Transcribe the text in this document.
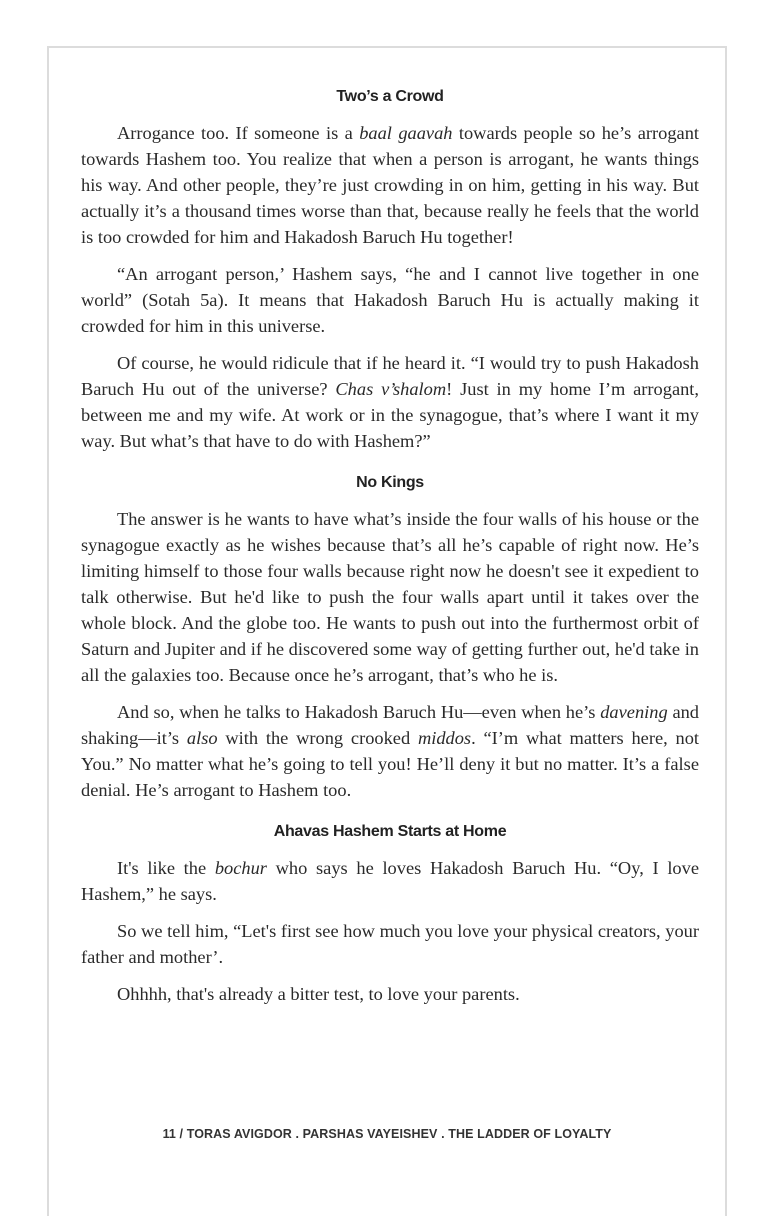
Two’s a Crowd

Arrogance too. If someone is a baal gaavah towards people so he’s arrogant towards Hashem too. You realize that when a person is arrogant, he wants things his way. And other people, they’re just crowding in on him, getting in his way. But actually it’s a thousand times worse than that, because really he feels that the world is too crowded for him and Hakadosh Baruch Hu together!

“An arrogant person,’ Hashem says, “he and I cannot live together in one world” (Sotah 5a). It means that Hakadosh Baruch Hu is actually making it crowded for him in this universe.

Of course, he would ridicule that if he heard it. “I would try to push Hakadosh Baruch Hu out of the universe? Chas v’shalom! Just in my home I’m arrogant, between me and my wife. At work or in the synagogue, that’s where I want it my way. But what’s that have to do with Hashem?”

No Kings

The answer is he wants to have what’s inside the four walls of his house or the synagogue exactly as he wishes because that’s all he’s capable of right now. He’s limiting himself to those four walls because right now he doesn't see it expedient to talk otherwise. But he'd like to push the four walls apart until it takes over the whole block. And the globe too. He wants to push out into the furthermost orbit of Saturn and Jupiter and if he discovered some way of getting further out, he'd take in all the galaxies too. Because once he’s arrogant, that’s who he is.

And so, when he talks to Hakadosh Baruch Hu—even when he’s davening and shaking—it’s also with the wrong crooked middos. “I’m what matters here, not You.” No matter what he’s going to tell you! He’ll deny it but no matter. It’s a false denial. He’s arrogant to Hashem too.

Ahavas Hashem Starts at Home

It's like the bochur who says he loves Hakadosh Baruch Hu. “Oy, I love Hashem,” he says.

So we tell him, “Let's first see how much you love your physical creators, your father and mother’.

Ohhhh, that's already a bitter test, to love your parents.

11 / TORAS AVIGDOR . PARSHAS VAYEISHEV . THE LADDER OF LOYALTY
